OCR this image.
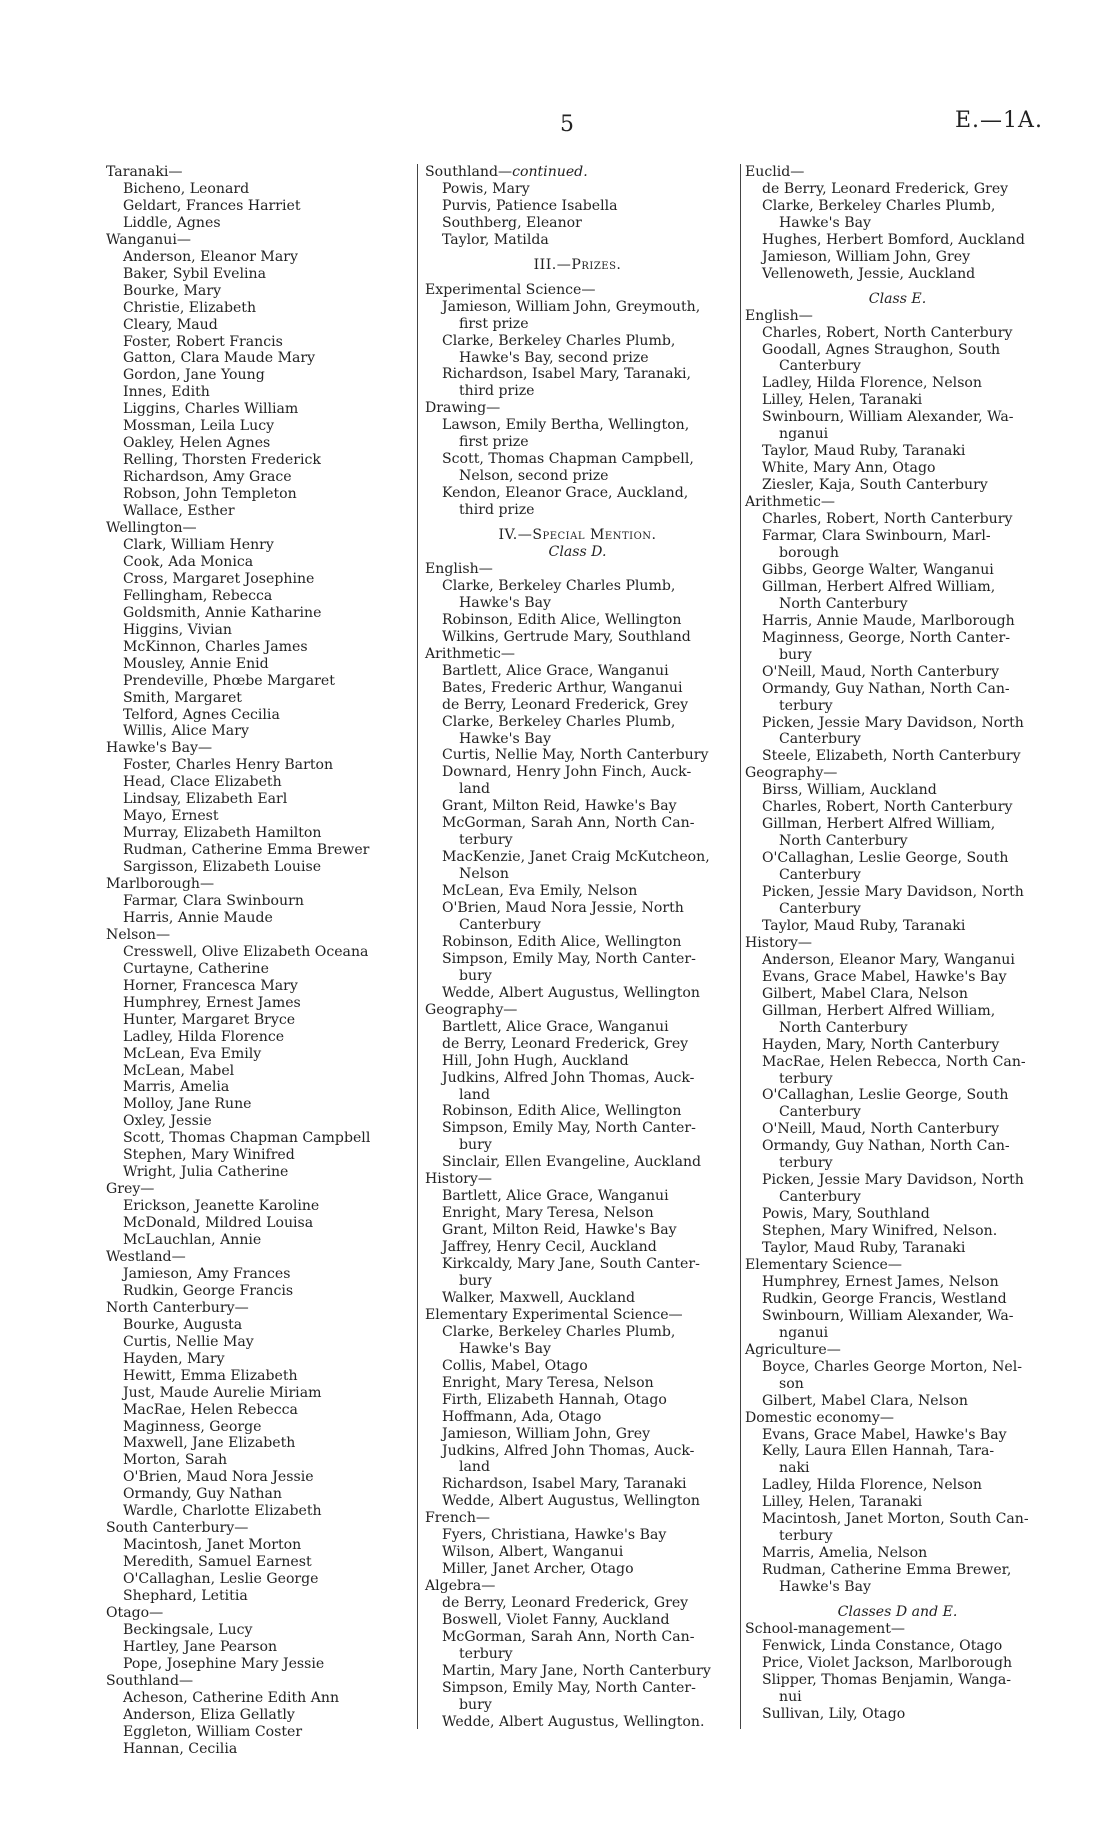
5	E.—1A.
Taranaki—
Bicheno, Leonard
Geldart, Frances Harriet
Liddle, Agnes
Wanganui—
Anderson, Eleanor Mary
Baker, Sybil Evelina
Bourke, Mary
Christie, Elizabeth
Cleary, Maud
Foster, Robert Francis
Gatton, Clara Maude Mary
Gordon, Jane Young
Innes, Edith
Liggins, Charles William
Mossman, Leila Lucy
Oakley, Helen Agnes
Relling, Thorsten Frederick
Richardson, Amy Grace
Robson, John Templeton
Wallace, Esther
Wellington—
Clark, William Henry
Cook, Ada Monica
Cross, Margaret Josephine
Fellingham, Rebecca
Goldsmith, Annie Katharine
Higgins, Vivian
McKinnon, Charles James
Mousley, Annie Enid
Prendeville, Phœbe Margaret
Smith, Margaret
Telford, Agnes Cecilia
Willis, Alice Mary
Hawke's Bay—
Foster, Charles Henry Barton
Head, Clace Elizabeth
Lindsay, Elizabeth Earl
Mayo, Ernest
Murray, Elizabeth Hamilton
Rudman, Catherine Emma Brewer
Sargisson, Elizabeth Louise
Marlborough—
Farmar, Clara Swinbourn
Harris, Annie Maude
Nelson—
Cresswell, Olive Elizabeth Oceana
Curtayne, Catherine
Horner, Francesca Mary
Humphrey, Ernest James
Hunter, Margaret Bryce
Ladley, Hilda Florence
McLean, Eva Emily
McLean, Mabel
Marris, Amelia
Molloy, Jane Rune
Oxley, Jessie
Scott, Thomas Chapman Campbell
Stephen, Mary Winifred
Wright, Julia Catherine
Grey—
Erickson, Jeanette Karoline
McDonald, Mildred Louisa
McLauchlan, Annie
Westland—
Jamieson, Amy Frances
Rudkin, George Francis
North Canterbury—
Bourke, Augusta
Curtis, Nellie May
Hayden, Mary
Hewitt, Emma Elizabeth
Just, Maude Aurelie Miriam
MacRae, Helen Rebecca
Maginness, George
Maxwell, Jane Elizabeth
Morton, Sarah
O'Brien, Maud Nora Jessie
Ormandy, Guy Nathan
Wardle, Charlotte Elizabeth
South Canterbury—
Macintosh, Janet Morton
Meredith, Samuel Earnest
O'Callaghan, Leslie George
Shephard, Letitia
Otago—
Beckingsale, Lucy
Hartley, Jane Pearson
Pope, Josephine Mary Jessie
Southland—
Acheson, Catherine Edith Ann
Anderson, Eliza Gellatly
Eggleton, William Coster
Hannan, Cecilia
Southland—continued.
Powis, Mary
Purvis, Patience Isabella
Southberg, Eleanor
Taylor, Matilda
III.—Prizes.
Experimental Science—
Jamieson, William John, Greymouth,
first prize
Clarke, Berkeley Charles Plumb,
Hawke's Bay, second prize
Richardson, Isabel Mary, Taranaki,
third prize
Drawing—
Lawson, Emily Bertha, Wellington,
first prize
Scott, Thomas Chapman Campbell,
Nelson, second prize
Kendon, Eleanor Grace, Auckland,
third prize
IV.—Special Mention.
Class D.
English—
Clarke, Berkeley Charles Plumb,
Hawke's Bay
Robinson, Edith Alice, Wellington
Wilkins, Gertrude Mary, Southland
Arithmetic—
Bartlett, Alice Grace, Wanganui
Bates, Frederic Arthur, Wanganui
de Berry, Leonard Frederick, Grey
Clarke, Berkeley Charles Plumb,
Hawke's Bay
Curtis, Nellie May, North Canterbury
Downard, Henry John Finch, Auck-
land
Grant, Milton Reid, Hawke's Bay
McGorman, Sarah Ann, North Can-
terbury
MacKenzie, Janet Craig McKutcheon,
Nelson
McLean, Eva Emily, Nelson
O'Brien, Maud Nora Jessie, North
Canterbury
Robinson, Edith Alice, Wellington
Simpson, Emily May, North Canter-
bury
Wedde, Albert Augustus, Wellington
Geography—
Bartlett, Alice Grace, Wanganui
de Berry, Leonard Frederick, Grey
Hill, John Hugh, Auckland
Judkins, Alfred John Thomas, Auck-
land
Robinson, Edith Alice, Wellington
Simpson, Emily May, North Canter-
bury
Sinclair, Ellen Evangeline, Auckland
History—
Bartlett, Alice Grace, Wanganui
Enright, Mary Teresa, Nelson
Grant, Milton Reid, Hawke's Bay
Jaffrey, Henry Cecil, Auckland
Kirkcaldy, Mary Jane, South Canter-
bury
Walker, Maxwell, Auckland
Elementary Experimental Science—
Clarke, Berkeley Charles Plumb,
Hawke's Bay
Collis, Mabel, Otago
Enright, Mary Teresa, Nelson
Firth, Elizabeth Hannah, Otago
Hoffmann, Ada, Otago
Jamieson, William John, Grey
Judkins, Alfred John Thomas, Auck-
land
Richardson, Isabel Mary, Taranaki
Wedde, Albert Augustus, Wellington
French—
Fyers, Christiana, Hawke's Bay
Wilson, Albert, Wanganui
Miller, Janet Archer, Otago
Algebra—
de Berry, Leonard Frederick, Grey
Boswell, Violet Fanny, Auckland
McGorman, Sarah Ann, North Can-
terbury
Martin, Mary Jane, North Canterbury
Simpson, Emily May, North Canter-
bury
Wedde, Albert Augustus, Wellington.
Euclid—
de Berry, Leonard Frederick, Grey
Clarke, Berkeley Charles Plumb,
Hawke's Bay
Hughes, Herbert Bomford, Auckland
Jamieson, William John, Grey
Vellenoweth, Jessie, Auckland
Class E.
English—
Charles, Robert, North Canterbury
Goodall, Agnes Straughon, South
Canterbury
Ladley, Hilda Florence, Nelson
Lilley, Helen, Taranaki
Swinbourn, William Alexander, Wa-
nganui
Taylor, Maud Ruby, Taranaki
White, Mary Ann, Otago
Ziesler, Kaja, South Canterbury
Arithmetic—
Charles, Robert, North Canterbury
Farmar, Clara Swinbourn, Marl-
borough
Gibbs, George Walter, Wanganui
Gillman, Herbert Alfred William,
North Canterbury
Harris, Annie Maude, Marlborough
Maginness, George, North Canter-
bury
O'Neill, Maud, North Canterbury
Ormandy, Guy Nathan, North Can-
terbury
Picken, Jessie Mary Davidson, North
Canterbury
Steele, Elizabeth, North Canterbury
Geography—
Birss, William, Auckland
Charles, Robert, North Canterbury
Gillman, Herbert Alfred William,
North Canterbury
O'Callaghan, Leslie George, South
Canterbury
Picken, Jessie Mary Davidson, North
Canterbury
Taylor, Maud Ruby, Taranaki
History—
Anderson, Eleanor Mary, Wanganui
Evans, Grace Mabel, Hawke's Bay
Gilbert, Mabel Clara, Nelson
Gillman, Herbert Alfred William,
North Canterbury
Hayden, Mary, North Canterbury
MacRae, Helen Rebecca, North Can-
terbury
O'Callaghan, Leslie George, South
Canterbury
O'Neill, Maud, North Canterbury
Ormandy, Guy Nathan, North Can-
terbury
Picken, Jessie Mary Davidson, North
Canterbury
Powis, Mary, Southland
Stephen, Mary Winifred, Nelson.
Taylor, Maud Ruby, Taranaki
Elementary Science—
Humphrey, Ernest James, Nelson
Rudkin, George Francis, Westland
Swinbourn, William Alexander, Wa-
nganui
Agriculture—
Boyce, Charles George Morton, Nel-
son
Gilbert, Mabel Clara, Nelson
Domestic economy—
Evans, Grace Mabel, Hawke's Bay
Kelly, Laura Ellen Hannah, Tara-
naki
Ladley, Hilda Florence, Nelson
Lilley, Helen, Taranaki
Macintosh, Janet Morton, South Can-
terbury
Marris, Amelia, Nelson
Rudman, Catherine Emma Brewer,
Hawke's Bay
Classes D and E.
School-management—
Fenwick, Linda Constance, Otago
Price, Violet Jackson, Marlborough
Slipper, Thomas Benjamin, Wanga-
nui
Sullivan, Lily, Otago
